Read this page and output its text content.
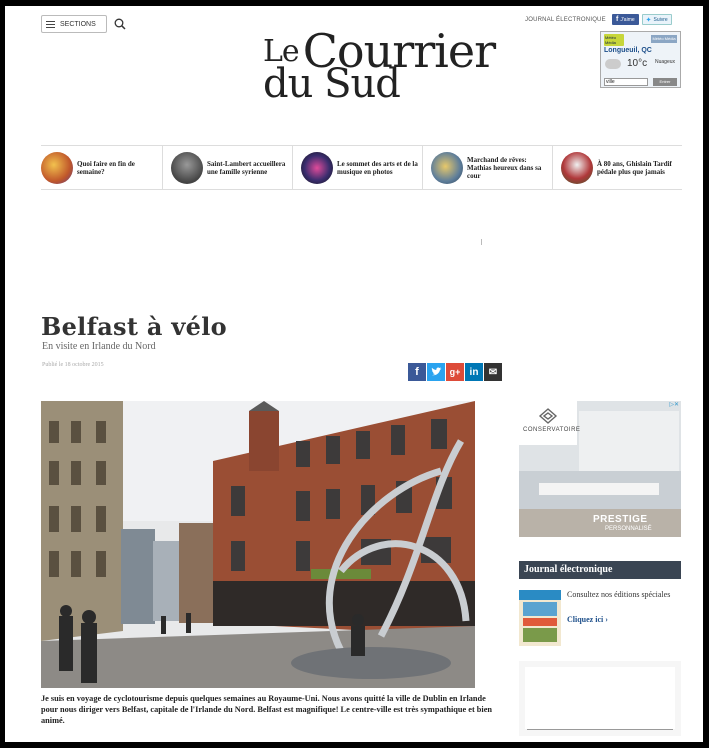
SECTIONS
JOURNAL ÉLECTRONIQUE f J'aime ✦ Suivre
LeCourrier
du Sud
Météo Média
Météo Média
Longueuil, QC
10°c Nuageux
ville	Entrer
Quoi faire en fin de semaine?
Saint-Lambert accueillera une famille syrienne
Le sommet des arts et de la musique en photos
Marchand de rêves: Mathias heureux dans sa cour
À 80 ans, Ghislain Tardif pédale plus que jamais
Belfast à vélo
En visite en Irlande du Nord
Publié le 18 octobre 2015
f	g+ in	✉
Je suis en voyage de cyclotourisme depuis quelques semaines au Royaume-Uni. Nous avons quitté la ville de Dublin en Irlande pour nous diriger vers Belfast, capitale de l'Irlande du Nord. Belfast est magnifique! Le centre-ville est très sympathique et bien animé.
CONSERVATOIRE
PRESTIGE
PERSONNALISÉ
▷✕
Journal électronique
Consultez nos éditions spéciales
Cliquez ici ›
